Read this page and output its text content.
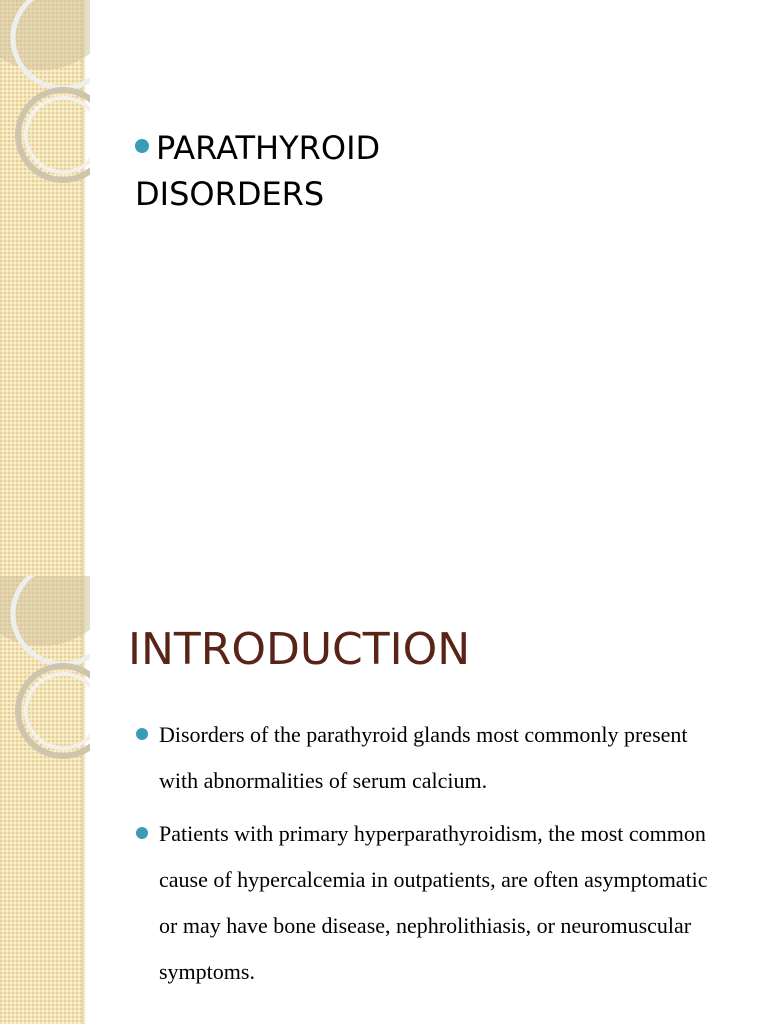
PARATHYROID DISORDERS
INTRODUCTION
Disorders of the parathyroid glands most commonly present with abnormalities of serum calcium.
Patients with primary hyperparathyroidism, the most common cause of hypercalcemia in outpatients, are often asymptomatic or may have bone disease, nephrolithiasis, or neuromuscular symptoms.
